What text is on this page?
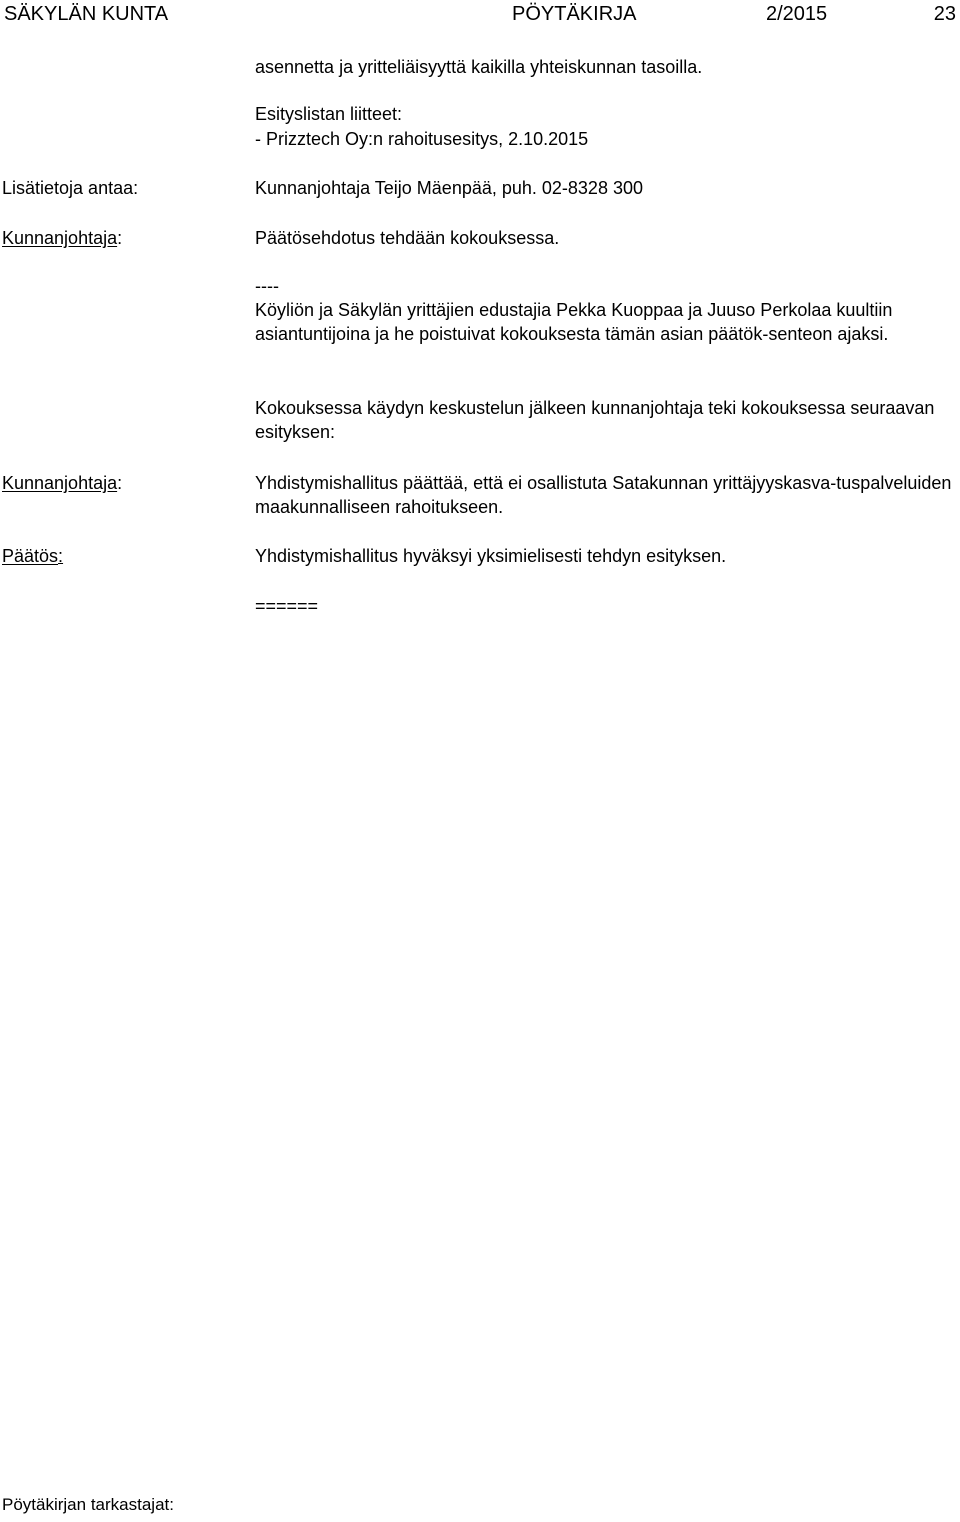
SÄKYLÄN KUNTA	PÖYTÄKIRJA	2/2015	23
asennetta ja yritteliäisyyttä kaikilla yhteiskunnan tasoilla.
Esityslistan liitteet:
- Prizztech Oy:n rahoitusesitys, 2.10.2015
Lisätietoja antaa:	Kunnanjohtaja Teijo Mäenpää, puh. 02-8328 300
Kunnanjohtaja:	Päätösehdotus tehdään kokouksessa.
----
Köyliön ja Säkylän yrittäjien edustajia Pekka Kuoppaa ja Juuso Perkolaa kuultiin asiantuntijoina ja he poistuivat kokouksesta tämän asian päätök-senteon ajaksi.
Kokouksessa käydyn keskustelun jälkeen kunnanjohtaja teki kokouksessa seuraavan esityksen:
Kunnanjohtaja:	Yhdistymishallitus päättää, että ei osallistuta Satakunnan yrittäjyyskasva-tuspalveluiden maakunnalliseen rahoitukseen.
Päätös:	Yhdistymishallitus hyväksyi yksimielisesti tehdyn esityksen.
======
Pöytäkirjan tarkastajat:
